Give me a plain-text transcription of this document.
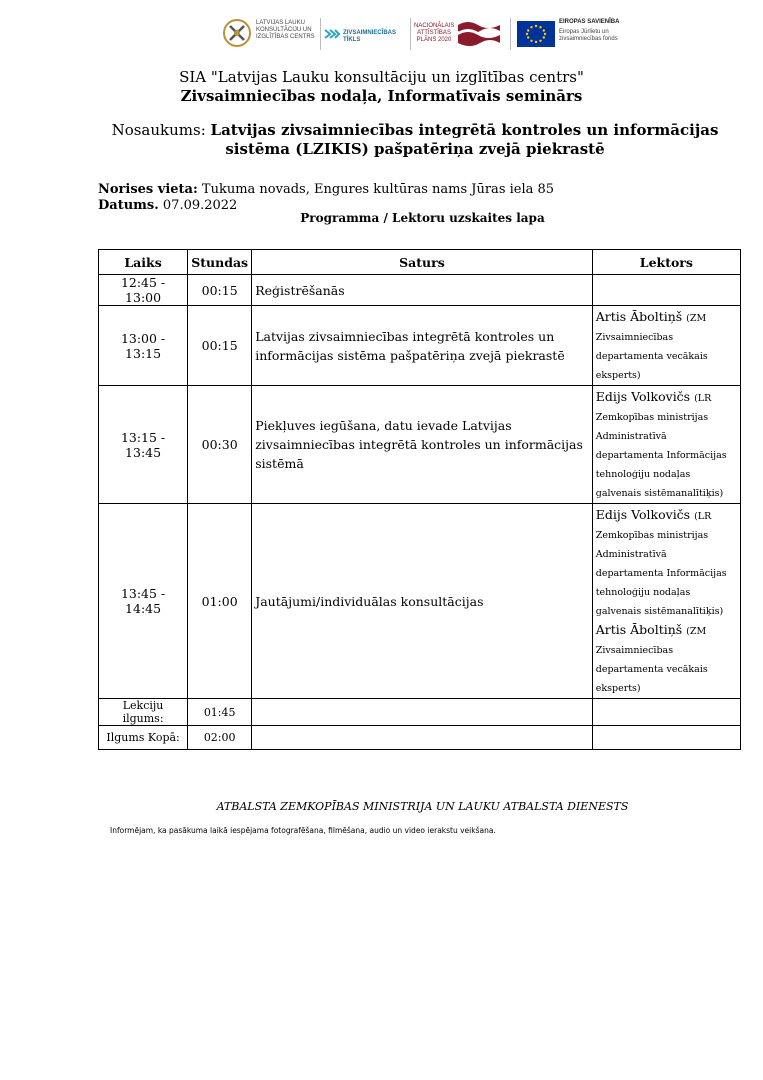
LATVIJAS LAUKU KONSULTĀCIJU UN IZGLĪTĪBAS CENTRS
ZIVSAIMNIECĪBAS TĪKLS
NACIONĀLAIS
ATTĪSTĪBAS
PLĀNS 2020
EIROPAS SAVIENĪBA
Eiropas Jūrlietu un zivsaimniecības fonds
SIA "Latvijas Lauku konsultāciju un izglītības centrs"
Zivsaimniecības nodaļa, Informatīvais seminārs
Nosaukums: Latvijas zivsaimniecības integrētā kontroles un informācijas sistēma (LZIKIS) pašpatēriņa zvejā piekrastē
Norises vieta: Tukuma novads, Engures kultūras nams Jūras iela 85
Datums. 07.09.2022
Programma / Lektoru uzskaites lapa
Laiks	Stundas	Saturs	Lektors
12:45 - 13:00	00:15	Reģistrēšanās	
13:00 - 13:15	00:15	Latvijas zivsaimniecības integrētā kontroles un informācijas sistēma pašpatēriņa zvejā piekrastē	Artis Āboltiņš (ZM Zivsaimniecības departamenta vecākais eksperts)
13:15 - 13:45	00:30	Piekļuves iegūšana, datu ievade Latvijas zivsaimniecības integrētā kontroles un informācijas sistēmā	Edijs Volkovičs (LR Zemkopības ministrijas Administratīvā departamenta Informācijas tehnoloģiju nodaļas galvenais sistēmanalītiķis)
13:45 - 14:45	01:00	Jautājumi/individuālas konsultācijas	Edijs Volkovičs (LR Zemkopības ministrijas Administratīvā departamenta Informācijas tehnoloģiju nodaļas galvenais sistēmanalītiķis) Artis Āboltiņš (ZM Zivsaimniecības departamenta vecākais eksperts)
Lekciju ilgums:	01:45		
Ilgums Kopā:	02:00		
ATBALSTA ZEMKOPĪBAS MINISTRIJA UN LAUKU ATBALSTA DIENESTS
Informējam, ka pasākuma laikā iespējama fotografēšana, filmēšana, audio un video ierakstu veikšana.
